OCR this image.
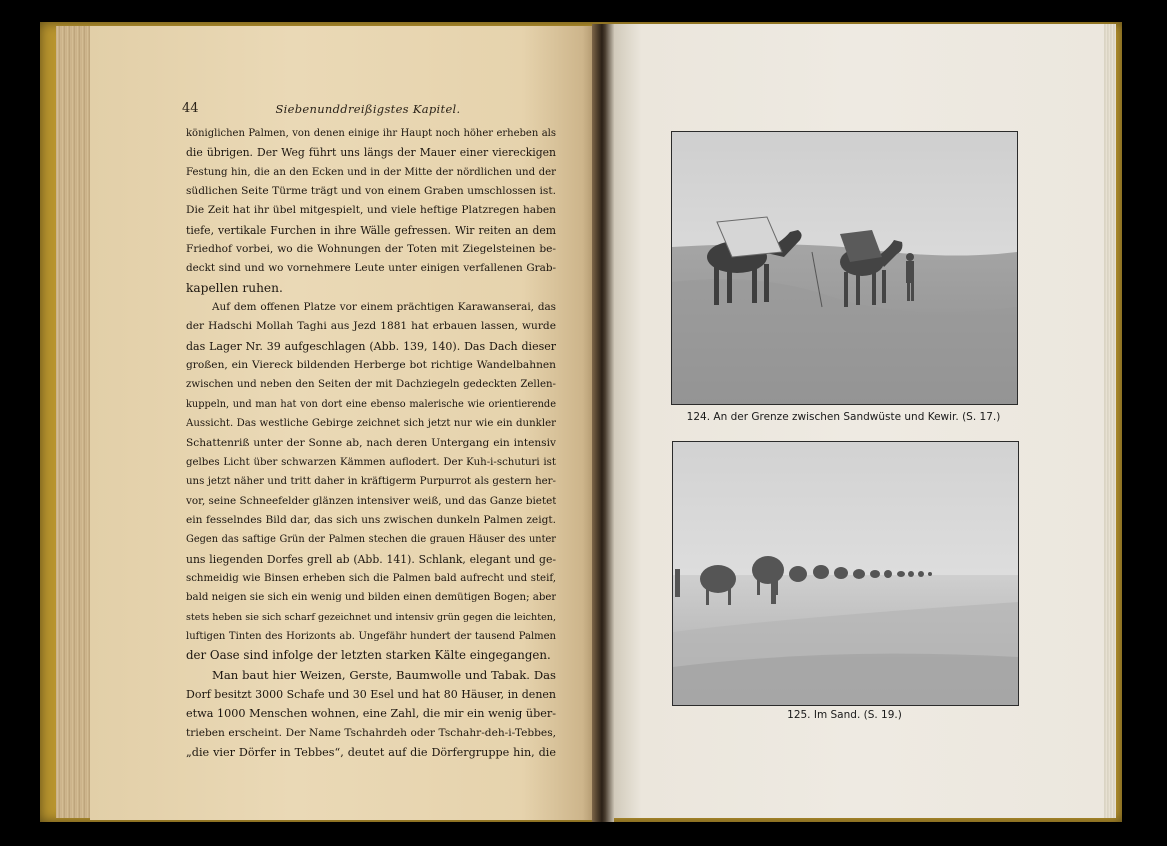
44	Siebenunddreißigstes Kapitel.
königlichen Palmen, von denen einige ihr Haupt noch höher erheben als
die übrigen. Der Weg führt uns längs der Mauer einer viereckigen
Festung hin, die an den Ecken und in der Mitte der nördlichen und der
südlichen Seite Türme trägt und von einem Graben umschlossen ist.
Die Zeit hat ihr übel mitgespielt, und viele heftige Platzregen haben
tiefe, vertikale Furchen in ihre Wälle gefressen. Wir reiten an dem
Friedhof vorbei, wo die Wohnungen der Toten mit Ziegelsteinen be-
deckt sind und wo vornehmere Leute unter einigen verfallenen Grab-
kapellen ruhen.
Auf dem offenen Platze vor einem prächtigen Karawanserai, das
der Hadschi Mollah Taghi aus Jezd 1881 hat erbauen lassen, wurde
das Lager Nr. 39 aufgeschlagen (Abb. 139, 140). Das Dach dieser
großen, ein Viereck bildenden Herberge bot richtige Wandelbahnen
zwischen und neben den Seiten der mit Dachziegeln gedeckten Zellen-
kuppeln, und man hat von dort eine ebenso malerische wie orientierende
Aussicht. Das westliche Gebirge zeichnet sich jetzt nur wie ein dunkler
Schattenriß unter der Sonne ab, nach deren Untergang ein intensiv
gelbes Licht über schwarzen Kämmen auflodert. Der Kuh-i-schuturi ist
uns jetzt näher und tritt daher in kräftigerm Purpurrot als gestern her-
vor, seine Schneefelder glänzen intensiver weiß, und das Ganze bietet
ein fesselndes Bild dar, das sich uns zwischen dunkeln Palmen zeigt.
Gegen das saftige Grün der Palmen stechen die grauen Häuser des unter
uns liegenden Dorfes grell ab (Abb. 141). Schlank, elegant und ge-
schmeidig wie Binsen erheben sich die Palmen bald aufrecht und steif,
bald neigen sie sich ein wenig und bilden einen demütigen Bogen; aber
stets heben sie sich scharf gezeichnet und intensiv grün gegen die leichten,
luftigen Tinten des Horizonts ab. Ungefähr hundert der tausend Palmen
der Oase sind infolge der letzten starken Kälte eingegangen.
Man baut hier Weizen, Gerste, Baumwolle und Tabak. Das
Dorf besitzt 3000 Schafe und 30 Esel und hat 80 Häuser, in denen
etwa 1000 Menschen wohnen, eine Zahl, die mir ein wenig über-
trieben erscheint. Der Name Tschahrdeh oder Tschahr-deh-i-Tebbes,
„die vier Dörfer in Tebbes“, deutet auf die Dörfergruppe hin, die
124. An der Grenze zwischen Sandwüste und Kewir. (S. 17.)
125. Im Sand. (S. 19.)
